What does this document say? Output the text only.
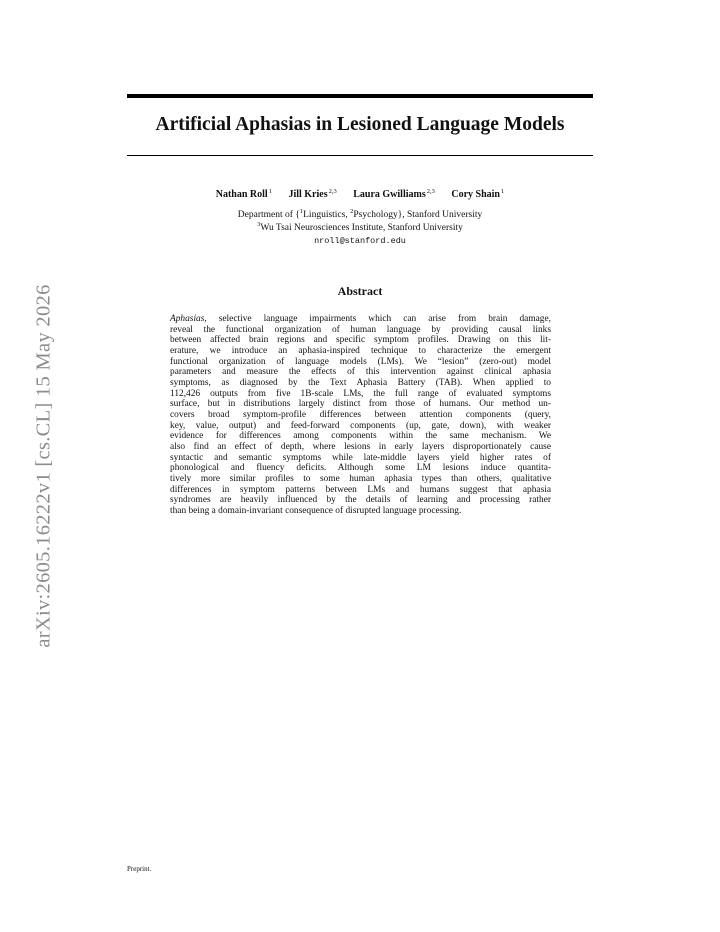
Artificial Aphasias in Lesioned Language Models
Nathan Roll$^1$ Jill Kries$^{2,3}$ Laura Gwilliams$^{2,3}$ Cory Shain$^1$
Department of {$^1$Linguistics, $^2$Psychology}, Stanford University
$^3$Wu Tsai Neurosciences Institute, Stanford University
nroll@stanford.edu
Abstract
Aphasias, selective language impairments which can arise from brain damage,
reveal the functional organization of human language by providing causal links
between affected brain regions and specific symptom profiles. Drawing on this lit-
erature, we introduce an aphasia-inspired technique to characterize the emergent
functional organization of language models (LMs). We “lesion” (zero-out) model
parameters and measure the effects of this intervention against clinical aphasia
symptoms, as diagnosed by the Text Aphasia Battery (TAB). When applied to
112,426 outputs from five 1B-scale LMs, the full range of evaluated symptoms
surface, but in distributions largely distinct from those of humans. Our method un-
covers broad symptom-profile differences between attention components (query,
key, value, output) and feed-forward components (up, gate, down), with weaker
evidence for differences among components within the same mechanism. We
also find an effect of depth, where lesions in early layers disproportionately cause
syntactic and semantic symptoms while late-middle layers yield higher rates of
phonological and fluency deficits. Although some LM lesions induce quantita-
tively more similar profiles to some human aphasia types than others, qualitative
differences in symptom patterns between LMs and humans suggest that aphasia
syndromes are heavily influenced by the details of learning and processing rather
than being a domain-invariant consequence of disrupted language processing.
arXiv:2605.16222v1 [cs.CL] 15 May 2026
Preprint.
